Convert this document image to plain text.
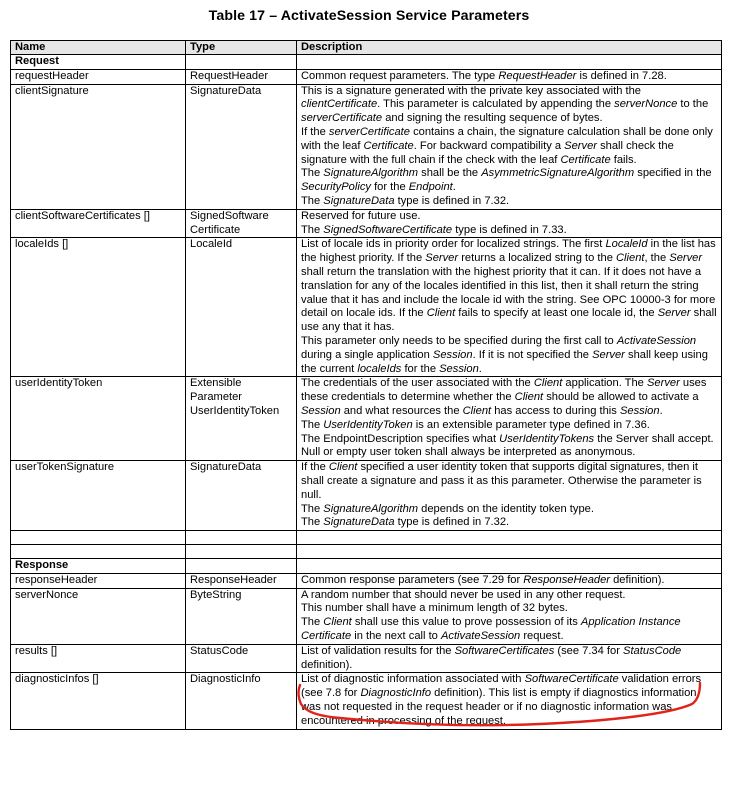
Table 17 – ActivateSession Service Parameters
Name	Type	Description
Request		
requestHeader	RequestHeader	Common request parameters. The type RequestHeader is defined in 7.28.

clientSignature	SignatureData	This is a signature generated with the private key associated with the clientCertificate. This parameter is calculated by appending the serverNonce to the serverCertificate and signing the resulting sequence of bytes.

If the serverCertificate contains a chain, the signature calculation shall be done only with the leaf Certificate. For backward compatibility a Server shall check the signature with the full chain if the check with the leaf Certificate fails.

The SignatureAlgorithm shall be the AsymmetricSignatureAlgorithm specified in the SecurityPolicy for the Endpoint.

The SignatureData type is defined in 7.32.

clientSoftwareCertificates []	SignedSoftware Certificate	Reserved for future use.

The SignedSoftwareCertificate type is defined in 7.33.

localeIds []	LocaleId	List of locale ids in priority order for localized strings. The first LocaleId in the list has the highest priority. If the Server returns a localized string to the Client, the Server shall return the translation with the highest priority that it can. If it does not have a translation for any of the locales identified in this list, then it shall return the string value that it has and include the locale id with the string. See OPC 10000-3 for more detail on locale ids. If the Client fails to specify at least one locale id, the Server shall use any that it has.

This parameter only needs to be specified during the first call to ActivateSession during a single application Session. If it is not specified the Server shall keep using the current localeIds for the Session.

userIdentityToken	Extensible Parameter UserIdentityToken	The credentials of the user associated with the Client application. The Server uses these credentials to determine whether the Client should be allowed to activate a Session and what resources the Client has access to during this Session.

The UserIdentityToken is an extensible parameter type defined in 7.36.

The EndpointDescription specifies what UserIdentityTokens the Server shall accept.

Null or empty user token shall always be interpreted as anonymous.

userTokenSignature	SignatureData	If the Client specified a user identity token that supports digital signatures, then it shall create a signature and pass it as this parameter. Otherwise the parameter is null.

The SignatureAlgorithm depends on the identity token type.

The SignatureData type is defined in 7.32.

Response		
responseHeader	ResponseHeader	Common response parameters (see 7.29 for ResponseHeader definition).

serverNonce	ByteString	A random number that should never be used in any other request.

This number shall have a minimum length of 32 bytes.

The Client shall use this value to prove possession of its Application Instance Certificate in the next call to ActivateSession request.

results []	StatusCode	List of validation results for the SoftwareCertificates (see 7.34 for StatusCode definition).

diagnosticInfos []	DiagnosticInfo	List of diagnostic information associated with SoftwareCertificate validation errors (see 7.8 for DiagnosticInfo definition). This list is empty if diagnostics information was not requested in the request header or if no diagnostic information was encountered in processing of the request.
